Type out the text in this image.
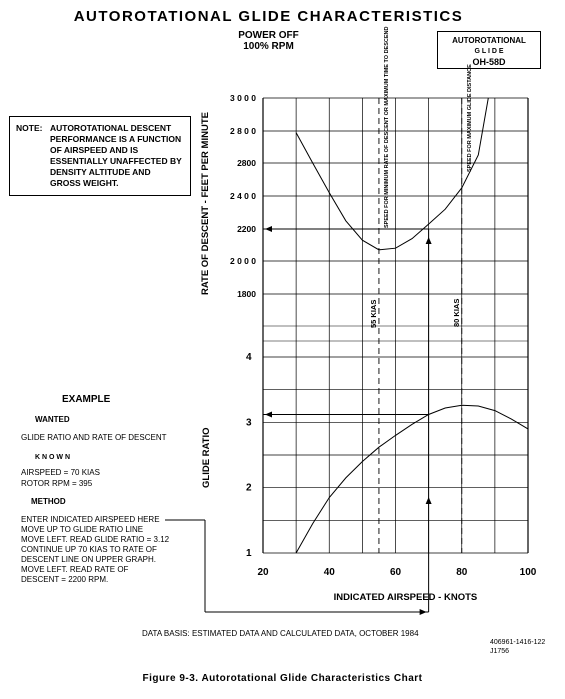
AUTOROTATIONAL GLIDE CHARACTERISTICS
POWER OFF
100% RPM
AUTOROTATIONAL
G L I D E
OH-58D
NOTE: AUTOROTATIONAL DESCENT PERFORMANCE IS A FUNCTION OF AIRSPEED AND IS ESSENTIALLY UNAFFECTED BY DENSITY ALTITUDE AND GROSS WEIGHT.
EXAMPLE
WANTED
GLIDE RATIO AND RATE OF DESCENT
K N O W N
AIRSPEED = 70 KIAS
ROTOR RPM = 395
METHOD
ENTER INDICATED AIRSPEED HERE
MOVE UP TO GLIDE RATIO LINE
MOVE LEFT. READ GLIDE RATIO = 3.12
CONTINUE UP 70 KIAS TO RATE OF
DESCENT LINE ON UPPER GRAPH.
MOVE LEFT. READ RATE OF
DESCENT = 2200 RPM.
1800
2 0 0 0
2200
2 4 0 0
2800
2 8 0 0
3 0 0 0
1
2
3
4
20	40	60	80	100
INDICATED AIRSPEED - KNOTS
RATE OF DESCENT - FEET PER MINUTE
GLIDE RATIO
55 KIAS
SPEED FOR MINIMUM RATE OF DESCENT OR MAXIMUM TIME TO DESCEND
80 KIAS
SPEED FOR MAXIMUM GLIDE DISTANCE
DATA BASIS: ESTIMATED DATA AND CALCULATED DATA, OCTOBER 1984
406961-1416-122
J1756
Figure 9-3. Autorotational Glide Characteristics Chart
